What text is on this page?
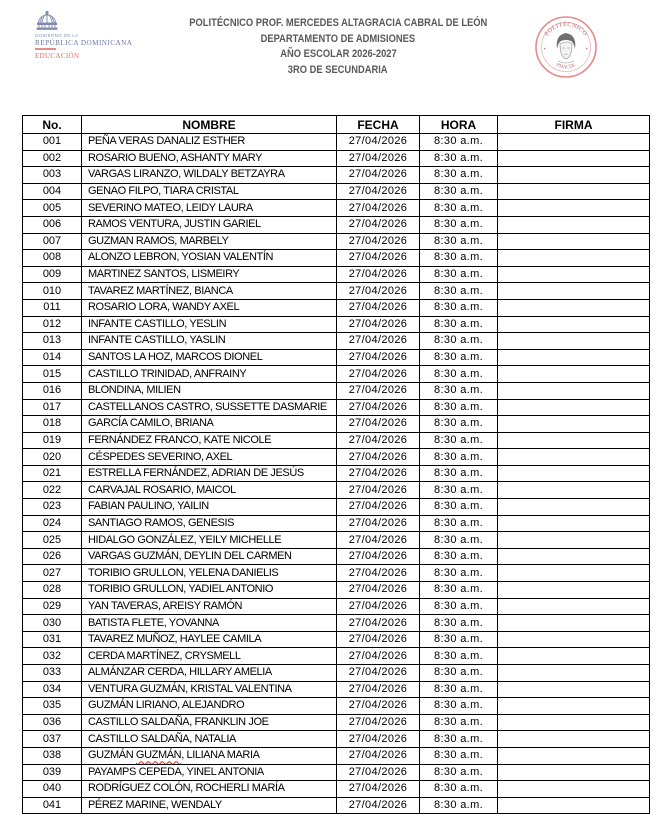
GOBIERNO DE LA
REPÚBLICA DOMINICANA
EDUCACIÓN
POLITÉCNICO PROF. MERCEDES ALTAGRACIA CABRAL DE LEÓN
DEPARTAMENTO DE ADMISIONES
AÑO ESCOLAR 2026-2027
3RO DE SECUNDARIA
POLITÉCNICO
PMACDL
✦	✦
No.	NOMBRE	FECHA	HORA	FIRMA
001	PEÑA VERAS DANALIZ ESTHER	27/04/2026	8:30 a.m.	
002	ROSARIO BUENO, ASHANTY MARY	27/04/2026	8:30 a.m.	
003	VARGAS LIRANZO, WILDALY BETZAYRA	27/04/2026	8:30 a.m.	
004	GENAO FILPO, TIARA CRISTAL	27/04/2026	8:30 a.m.	
005	SEVERINO MATEO, LEIDY LAURA	27/04/2026	8:30 a.m.	
006	RAMOS VENTURA, JUSTIN GARIEL	27/04/2026	8:30 a.m.	
007	GUZMAN RAMOS, MARBELY	27/04/2026	8:30 a.m.	
008	ALONZO LEBRON, YOSIAN VALENTÍN	27/04/2026	8:30 a.m.	
009	MARTINEZ SANTOS, LISMEIRY	27/04/2026	8:30 a.m.	
010	TAVAREZ MARTÍNEZ, BIANCA	27/04/2026	8:30 a.m.	
011	ROSARIO LORA, WANDY AXEL	27/04/2026	8:30 a.m.	
012	INFANTE CASTILLO, YESLIN	27/04/2026	8:30 a.m.	
013	INFANTE CASTILLO, YASLIN	27/04/2026	8:30 a.m.	
014	SANTOS LA HOZ, MARCOS DIONEL	27/04/2026	8:30 a.m.	
015	CASTILLO TRINIDAD, ANFRAINY	27/04/2026	8:30 a.m.	
016	BLONDINA, MILIEN	27/04/2026	8:30 a.m.	
017	CASTELLANOS CASTRO, SUSSETTE DASMARIE	27/04/2026	8:30 a.m.	
018	GARCÍA CAMILO, BRIANA	27/04/2026	8:30 a.m.	
019	FERNÁNDEZ FRANCO, KATE NICOLE	27/04/2026	8:30 a.m.	
020	CÉSPEDES SEVERINO, AXEL	27/04/2026	8:30 a.m.	
021	ESTRELLA FERNÁNDEZ, ADRIAN DE JESÚS	27/04/2026	8:30 a.m.	
022	CARVAJAL ROSARIO, MAICOL	27/04/2026	8:30 a.m.	
023	FABIAN PAULINO, YAILIN	27/04/2026	8:30 a.m.	
024	SANTIAGO RAMOS, GENESIS	27/04/2026	8:30 a.m.	
025	HIDALGO GONZÁLEZ, YEILY MICHELLE	27/04/2026	8:30 a.m.	
026	VARGAS GUZMÁN, DEYLIN DEL CARMEN	27/04/2026	8:30 a.m.	
027	TORIBIO GRULLON, YELENA DANIELIS	27/04/2026	8:30 a.m.	
028	TORIBIO GRULLON, YADIEL ANTONIO	27/04/2026	8:30 a.m.	
029	YAN TAVERAS, AREISY RAMÓN	27/04/2026	8:30 a.m.	
030	BATISTA FLETE, YOVANNA	27/04/2026	8:30 a.m.	
031	TAVAREZ MUÑOZ, HAYLEE CAMILA	27/04/2026	8:30 a.m.	
032	CERDA MARTÍNEZ, CRYSMELL	27/04/2026	8:30 a.m.	
033	ALMÁNZAR CERDA, HILLARY AMELIA	27/04/2026	8:30 a.m.	
034	VENTURA GUZMÁN, KRISTAL VALENTINA	27/04/2026	8:30 a.m.	
035	GUZMÁN LIRIANO, ALEJANDRO	27/04/2026	8:30 a.m.	
036	CASTILLO SALDAÑA, FRANKLIN JOE	27/04/2026	8:30 a.m.	
037	CASTILLO SALDAÑA, NATALIA	27/04/2026	8:30 a.m.	
038	GUZMÁN GUZMÁN, LILIANA MARIA	27/04/2026	8:30 a.m.	
039	PAYAMPS CEPEDA, YINEL ANTONIA	27/04/2026	8:30 a.m.	
040	RODRÍGUEZ COLÓN, ROCHERLI MARÍA	27/04/2026	8:30 a.m.	
041	PÉREZ MARINE, WENDALY	27/04/2026	8:30 a.m.	
